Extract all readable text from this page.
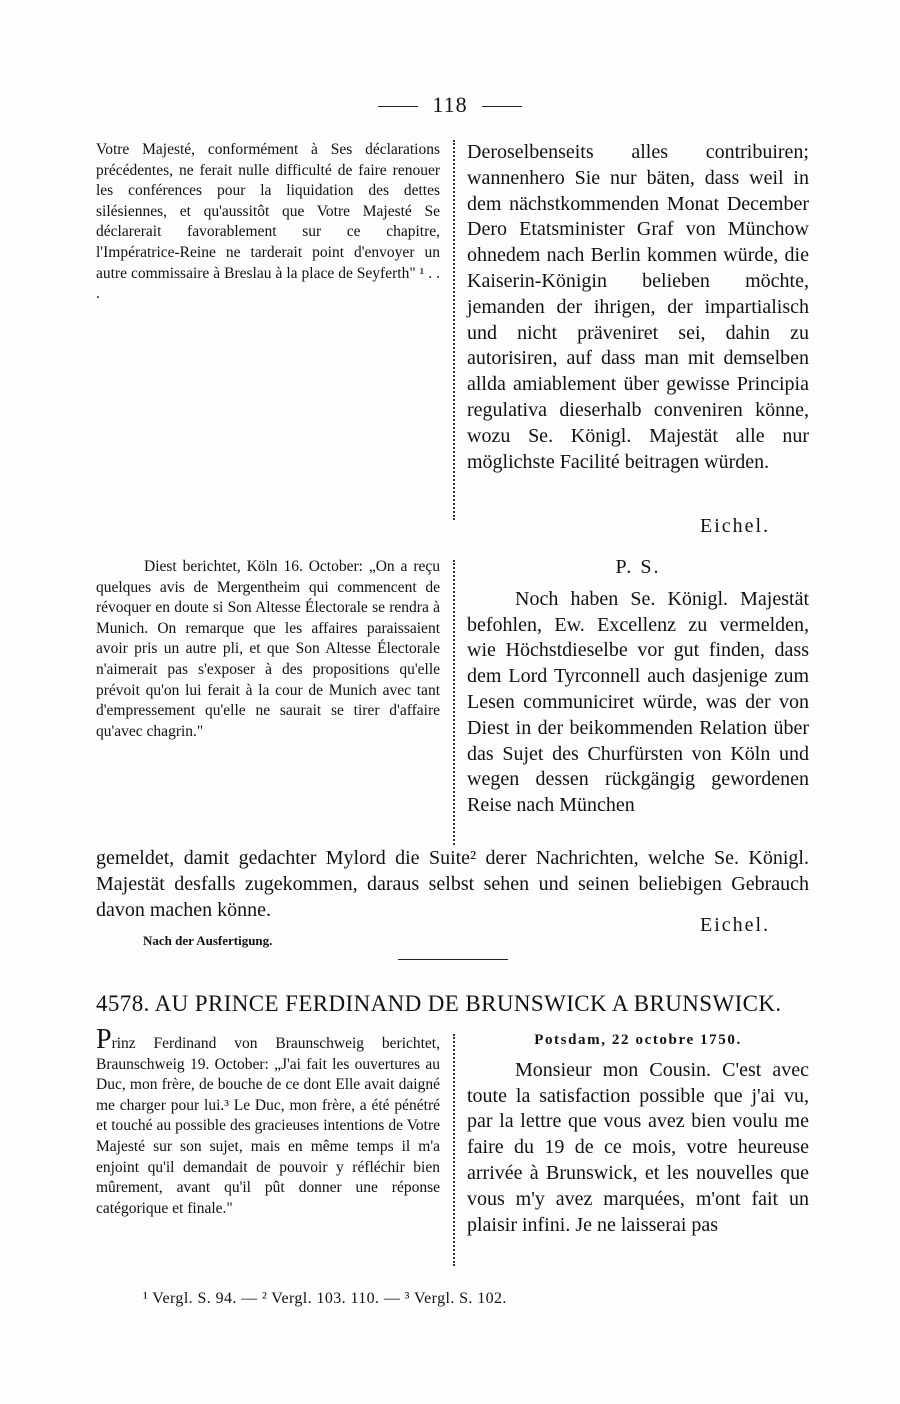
118
Votre Majesté, conformément à Ses déclarations précédentes, ne ferait nulle difficulté de faire renouer les conférences pour la liquidation des dettes silésiennes, et qu'aussitôt que Votre Majesté Se déclarerait favorablement sur ce chapitre, l'Impératrice-Reine ne tarderait point d'envoyer un autre commissaire à Breslau à la place de Seyferth" ¹ . . .
Deroselbenseits alles contribuiren; wannenhero Sie nur bäten, dass weil in dem nächstkommenden Monat December Dero Etatsminister Graf von Münchow ohnedem nach Berlin kommen würde, die Kaiserin-Königin belieben möchte, jemanden der ihrigen, der impartialisch und nicht präveniret sei, dahin zu autorisiren, auf dass man mit demselben allda amiablement über gewisse Principia regulativa dieserhalb conveniren könne, wozu Se. Königl. Majestät alle nur möglichste Facilité beitragen würden.
Eichel.
Diest berichtet, Köln 16. October: „On a reçu quelques avis de Mergentheim qui commencent de révoquer en doute si Son Altesse Électorale se rendra à Munich. On remarque que les affaires paraissaient avoir pris un autre pli, et que Son Altesse Électorale n'aimerait pas s'exposer à des propositions qu'elle prévoit qu'on lui ferait à la cour de Munich avec tant d'empressement qu'elle ne saurait se tirer d'affaire qu'avec chagrin."
P. S.
Noch haben Se. Königl. Majestät befohlen, Ew. Excellenz zu vermelden, wie Höchstdieselbe vor gut finden, dass dem Lord Tyrconnell auch dasjenige zum Lesen communiciret würde, was der von Diest in der beikommenden Relation über das Sujet des Churfürsten von Köln und wegen dessen rückgängig gewordenen Reise nach München
gemeldet, damit gedachter Mylord die Suite² derer Nachrichten, welche Se. Königl. Majestät desfalls zugekommen, daraus selbst sehen und seinen beliebigen Gebrauch davon machen könne.
Eichel.
Nach der Ausfertigung.
4578. AU PRINCE FERDINAND DE BRUNSWICK A BRUNSWICK.
Prinz Ferdinand von Braunschweig berichtet, Braunschweig 19. October: „J'ai fait les ouvertures au Duc, mon frère, de bouche de ce dont Elle avait daigné me charger pour lui.³ Le Duc, mon frère, a été pénétré et touché au possible des gracieuses intentions de Votre Majesté sur son sujet, mais en même temps il m'a enjoint qu'il demandait de pouvoir y réfléchir bien mûrement, avant qu'il pût donner une réponse catégorique et finale."
Potsdam, 22 octobre 1750.
Monsieur mon Cousin. C'est avec toute la satisfaction possible que j'ai vu, par la lettre que vous avez bien voulu me faire du 19 de ce mois, votre heureuse arrivée à Brunswick, et les nouvelles que vous m'y avez marquées, m'ont fait un plaisir infini. Je ne laisserai pas
¹ Vergl. S. 94. — ² Vergl. 103. 110. — ³ Vergl. S. 102.
